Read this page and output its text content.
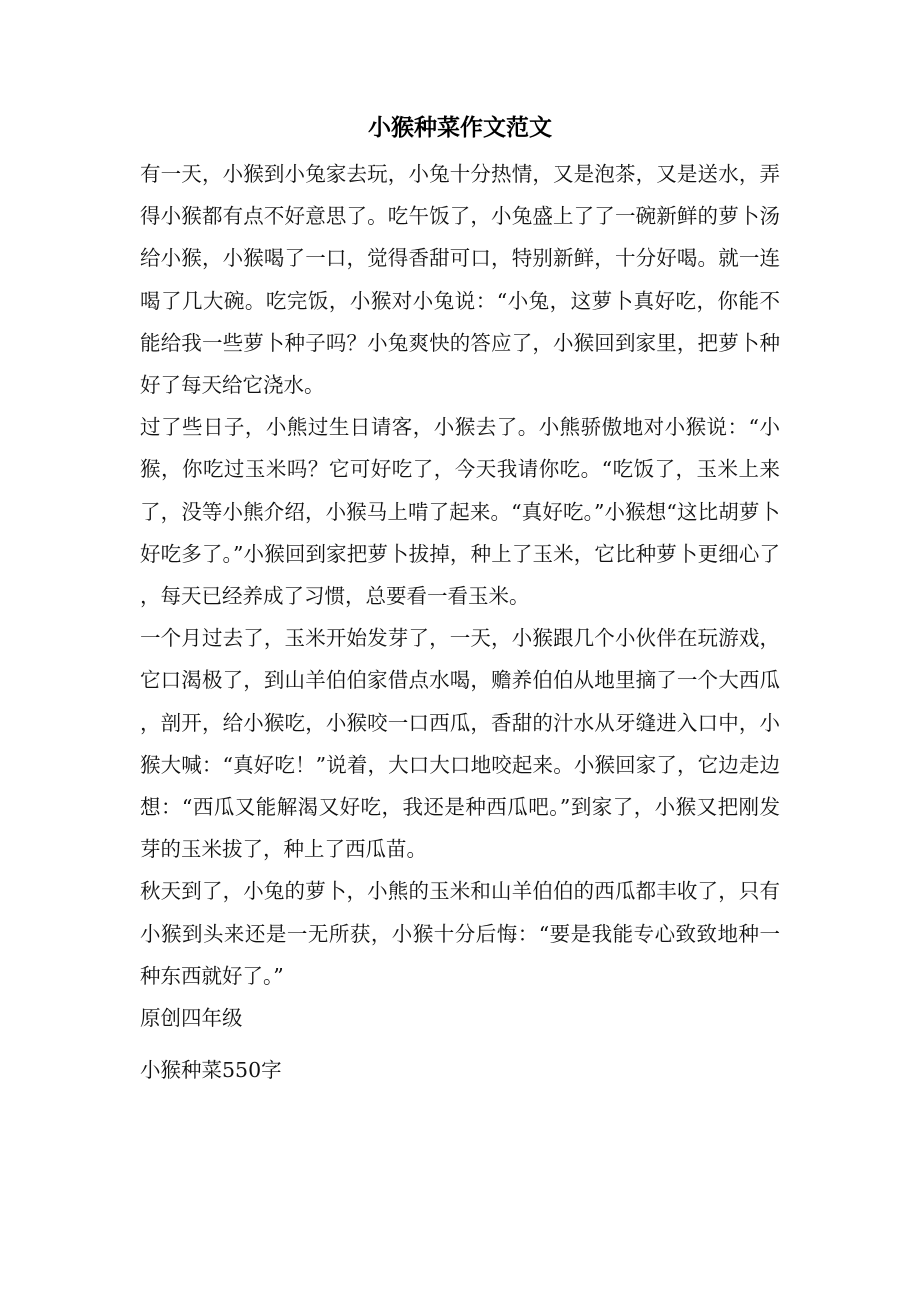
小猴种菜作文范文

有一天，小猴到小兔家去玩，小兔十分热情，又是泡茶，又是送水，弄得小猴都有点不好意思了。吃午饭了，小兔盛上了了一碗新鲜的萝卜汤给小猴，小猴喝了一口，觉得香甜可口，特别新鲜，十分好喝。就一连喝了几大碗。吃完饭，小猴对小兔说：“小兔，这萝卜真好吃，你能不能给我一些萝卜种子吗？小兔爽快的答应了，小猴回到家里，把萝卜种好了每天给它浇水。

过了些日子，小熊过生日请客，小猴去了。小熊骄傲地对小猴说：“小猴，你吃过玉米吗？它可好吃了，今天我请你吃。“吃饭了，玉米上来了，没等小熊介绍，小猴马上啃了起来。“真好吃。”小猴想“这比胡萝卜好吃多了。”小猴回到家把萝卜拔掉，种上了玉米，它比种萝卜更细心了，每天已经养成了习惯，总要看一看玉米。

一个月过去了，玉米开始发芽了，一天，小猴跟几个小伙伴在玩游戏，它口渴极了，到山羊伯伯家借点水喝，赡养伯伯从地里摘了一个大西瓜，剖开，给小猴吃，小猴咬一口西瓜，香甜的汁水从牙缝进入口中，小猴大喊：“真好吃！”说着，大口大口地咬起来。小猴回家了，它边走边想：“西瓜又能解渴又好吃，我还是种西瓜吧。”到家了，小猴又把刚发芽的玉米拔了，种上了西瓜苗。

秋天到了，小兔的萝卜，小熊的玉米和山羊伯伯的西瓜都丰收了，只有小猴到头来还是一无所获，小猴十分后悔：“要是我能专心致致地种一种东西就好了。”

原创四年级

小猴种菜550字
